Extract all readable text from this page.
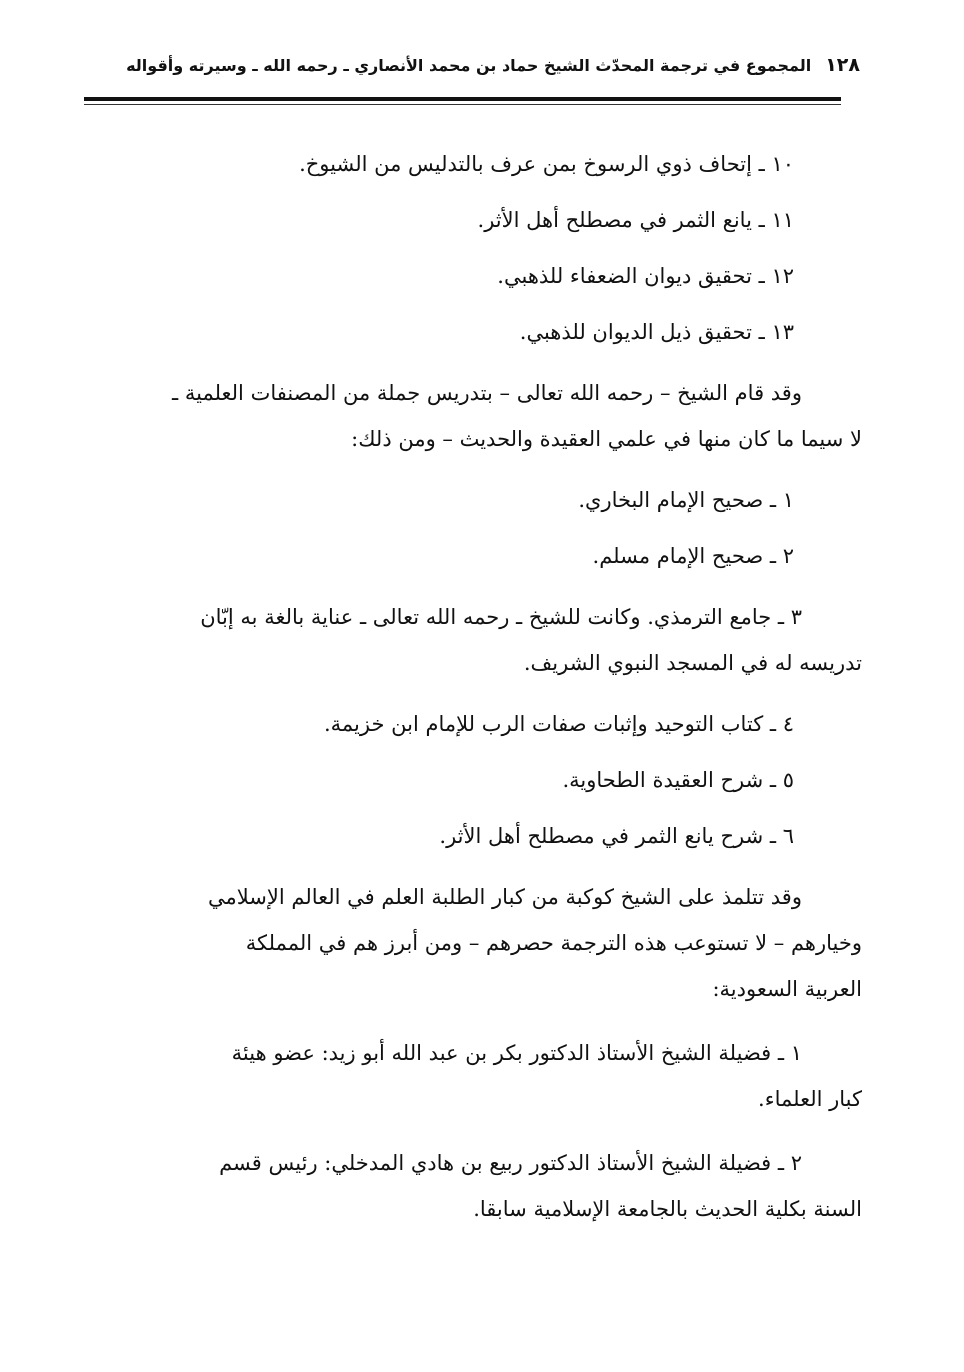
١٢٨المجموع في ترجمة المحدّث الشيخ حماد بن محمد الأنصاري ـ رحمه الله ـ وسيرته وأقواله

١٠ ـ إتحاف ذوي الرسوخ بمن عرف بالتدليس من الشيوخ.

١١ ـ يانع الثمر في مصطلح أهل الأثر.

١٢ ـ تحقيق ديوان الضعفاء للذهبي.

١٣ ـ تحقيق ذيل الديوان للذهبي.

وقد قام الشيخ – رحمه الله تعالى – بتدريس جملة من المصنفات العلمية ـ
لا سيما ما كان منها في علمي العقيدة والحديث – ومن ذلك:

١ ـ صحيح الإمام البخاري.

٢ ـ صحيح الإمام مسلم.

٣ ـ جامع الترمذي. وكانت للشيخ ـ رحمه الله تعالى ـ عناية بالغة به إبّان
تدريسه له في المسجد النبوي الشريف.

٤ ـ كتاب التوحيد وإثبات صفات الرب للإمام ابن خزيمة.

٥ ـ شرح العقيدة الطحاوية.

٦ ـ شرح يانع الثمر في مصطلح أهل الأثر.

وقد تتلمذ على الشيخ كوكبة من كبار الطلبة العلم في العالم الإسلامي
وخيارهم – لا تستوعب هذه الترجمة حصرهم – ومن أبرز هم في المملكة
العربية السعودية:

١ ـ فضيلة الشيخ الأستاذ الدكتور بكر بن عبد الله أبو زيد: عضو هيئة
كبار العلماء.

٢ ـ فضيلة الشيخ الأستاذ الدكتور ربيع بن هادي المدخلي: رئيس قسم
السنة بكلية الحديث بالجامعة الإسلامية سابقا.
